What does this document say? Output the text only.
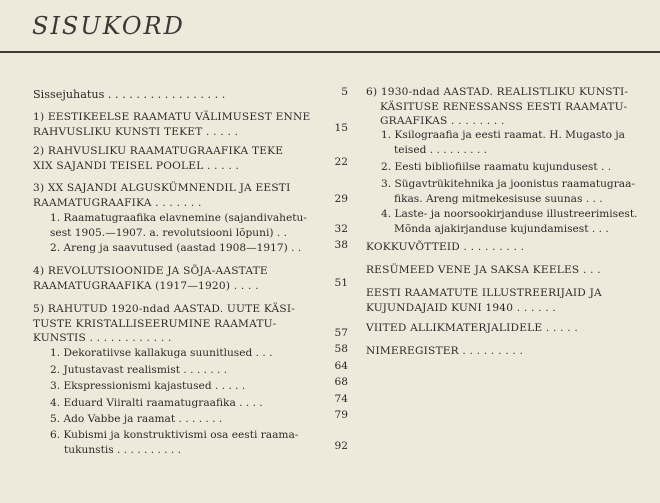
SISUKORD
Sissejuhatus . . . . . . . . . . . . . . . . .	5
1) EESTIKEELSE RAAMATU VÄLIMUSEST ENNE
RAHVUSLIKU KUNSTI TEKET . . . . .	15
2) RAHVUSLIKU RAAMATUGRAAFIKA TEKE
XIX SAJANDI TEISEL POOLEL . . . . .	22
3) XX SAJANDI ALGUSKÜMNENDIL JA EESTI
RAAMATUGRAAFIKA . . . . . . .	29
1. Raamatugraafika elavnemine (sajandivahetu-
sest 1905.—1907. a. revolutsiooni lõpuni) . .	32
2. Areng ja saavutused (aastad 1908—1917) . .	38
4) REVOLUTSIOONIDE JA SÕJA-AASTATE
RAAMATUGRAAFIKA (1917—1920) . . . .	51
5) RAHUTUD 1920-ndad AASTAD. UUTE KÄSI-
TUSTE KRISTALLISEERUMINE RAAMATU-
KUNSTIS . . . . . . . . . . . .	57
1. Dekoratiivse kallakuga suunitlused . . .	58
2. Jutustavast realismist . . . . . . .	64
3. Ekspressionismi kajastused . . . . .	68
4. Eduard Viiralti raamatugraafika . . . .	74
5. Ado Vabbe ja raamat . . . . . . .	79
6. Kubismi ja konstruktivismi osa eesti raama-
tukunstis . . . . . . . . . .	92
6) 1930-ndad AASTAD. REALISTLIKU KUNSTI-
KÄSITUSE RENESSANSS EESTI RAAMATU-
GRAAFIKAS . . . . . . . .
1. Ksilograafia ja eesti raamat. H. Mugasto ja
teised . . . . . . . . .
2. Eesti bibliofiilse raamatu kujundusest . .
3. Sügavtrükitehnika ja joonistus raamatugraa-
fikas. Areng mitmekesisuse suunas . . .
4. Laste- ja noorsookirjanduse illustreerimisest.
Mõnda ajakirjanduse kujundamisest . . .
KOKKUVÕTTEID . . . . . . . . .
RESÜMEED VENE JA SAKSA KEELES . . .
EESTI RAAMATUTE ILLUSTREERIJAID JA
KUJUNDAJAID KUNI 1940 . . . . . .
VIITED ALLIKMATERJALIDELE . . . . .
NIMEREGISTER . . . . . . . . .
